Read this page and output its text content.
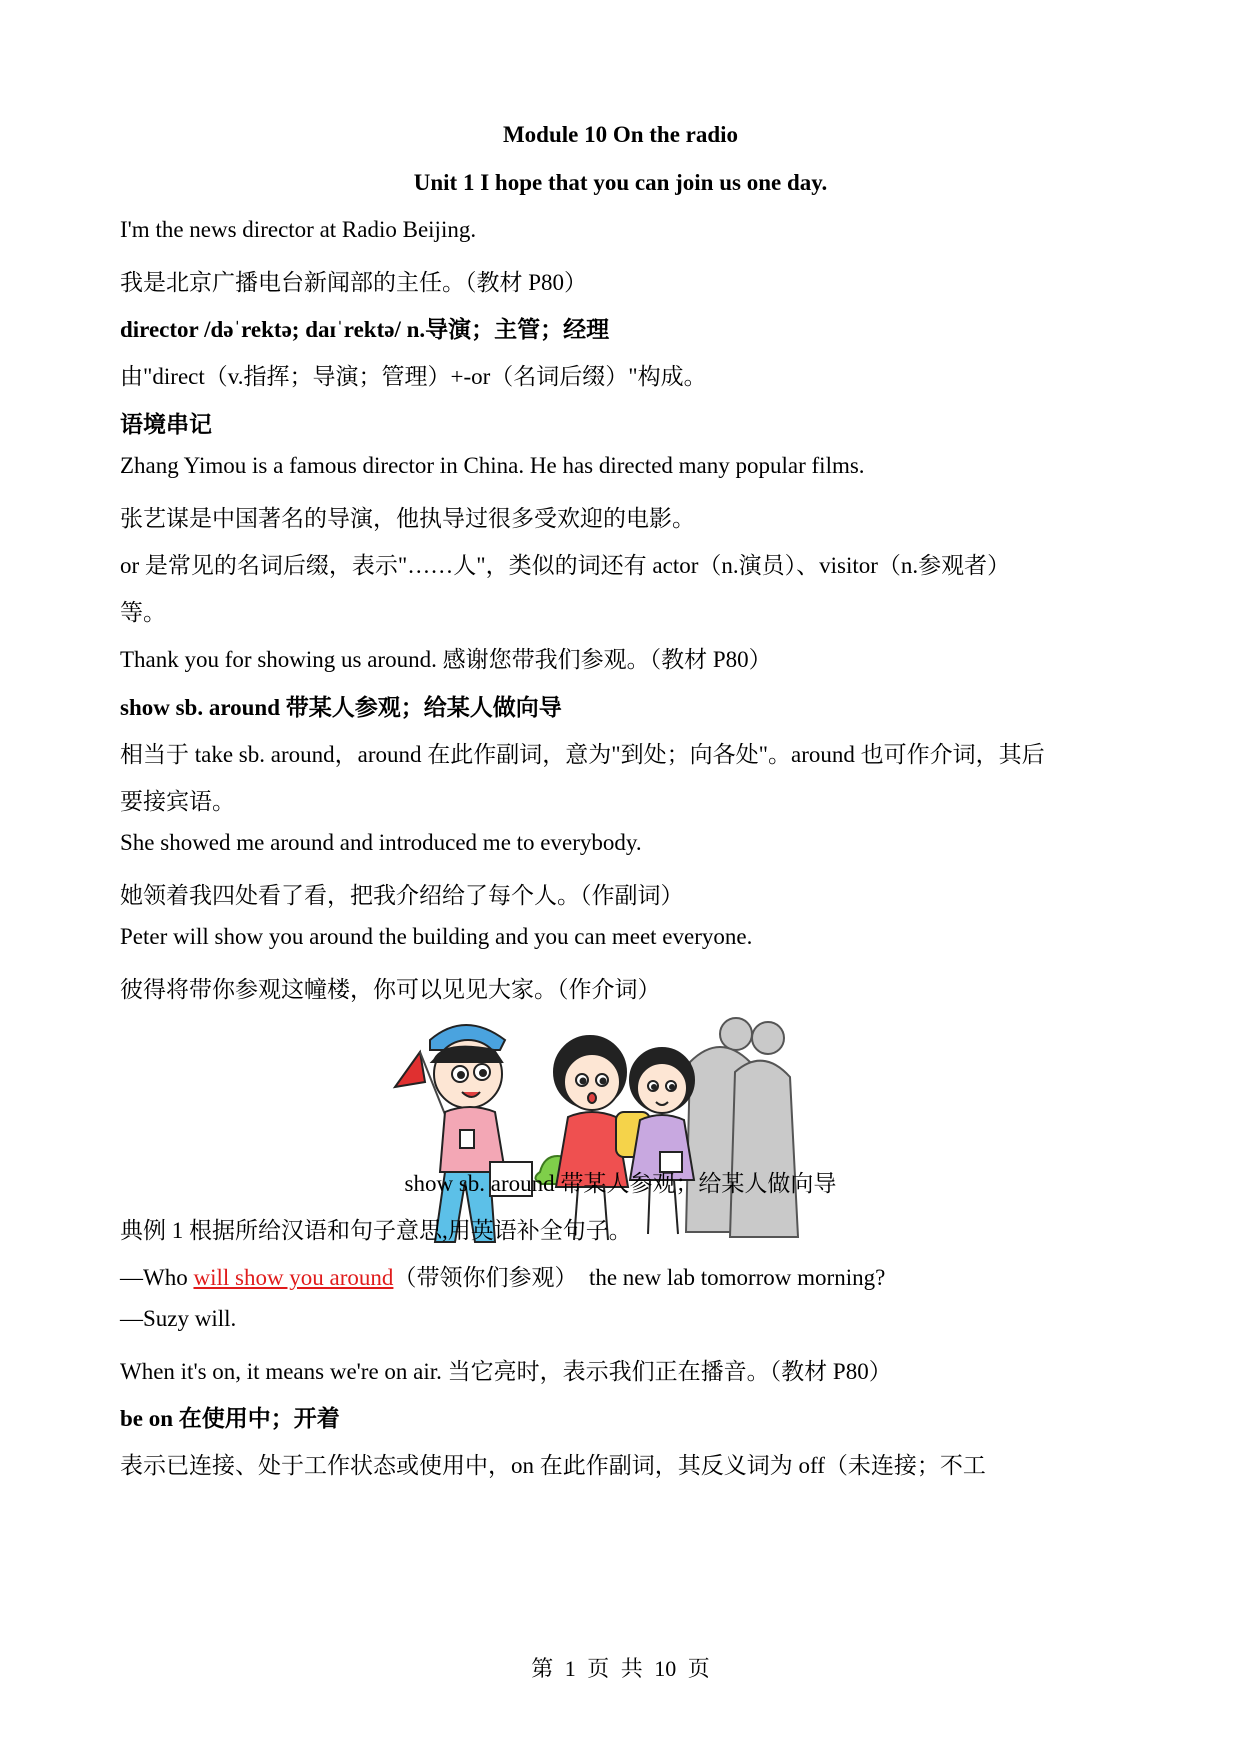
Module 10 On the radio
Unit 1 I hope that you can join us one day.
I'm the news director at Radio Beijing.
我是北京广播电台新闻部的主任。（教材 P80）
director /dəˈrektə; daɪˈrektə/ n.导演；主管；经理
由"direct（v.指挥；导演；管理）+-or（名词后缀）"构成。
语境串记
Zhang Yimou is a famous director in China. He has directed many popular films.
张艺谋是中国著名的导演，他执导过很多受欢迎的电影。
or 是常见的名词后缀，表示"……人"，类似的词还有 actor（n.演员）、visitor（n.参观者）
等。
Thank you for showing us around. 感谢您带我们参观。（教材 P80）
show sb. around 带某人参观；给某人做向导
相当于 take sb. around，around 在此作副词，意为"到处；向各处"。around 也可作介词，其后
要接宾语。
She showed me around and introduced me to everybody.
她领着我四处看了看，把我介绍给了每个人。（作副词）
Peter will show you around the building and you can meet everyone.
彼得将带你参观这幢楼，你可以见见大家。（作介词）
show sb. around 带某人参观；给某人做向导
典例 1 根据所给汉语和句子意思,用英语补全句子。
—Who will show you around（带领你们参观）  the new lab tomorrow morning?
—Suzy will.
When it's on, it means we're on air. 当它亮时，表示我们正在播音。（教材 P80）
be on 在使用中；开着
表示已连接、处于工作状态或使用中，on 在此作副词，其反义词为 off（未连接；不工
第 1 页 共 10 页
